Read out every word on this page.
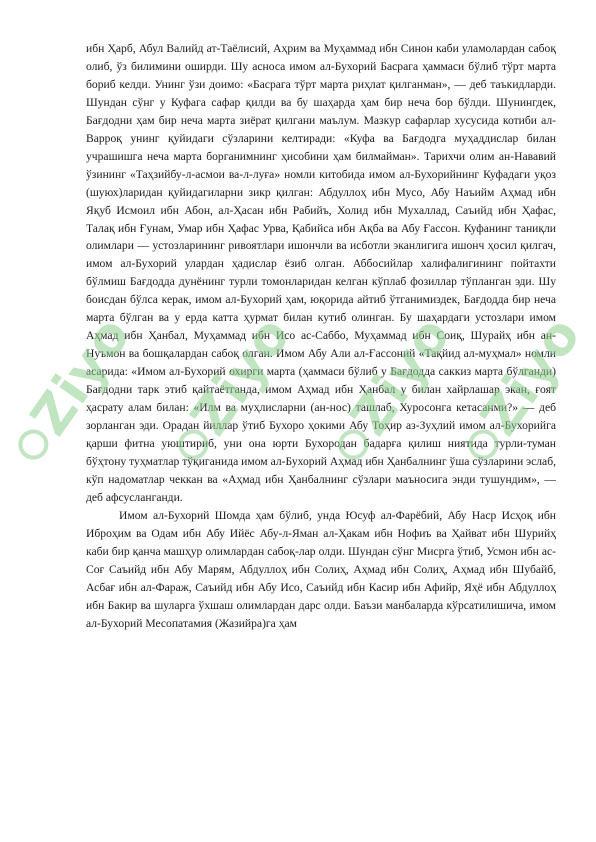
ибн Ҳарб, Абул Валийд ат-Таёлисий, Аҳрим ва Муҳаммад ибн Синон каби уламолардан сабоқ олиб, ўз билимини оширди. Шу асноса имом ал-Бухорий Басрага ҳаммаси бўлиб тўрт марта бориб келди. Унинг ўзи доимо: «Басрага тўрт марта риҳлат қилганман», — деб таъкидларди. Шундан сўнг у Куфага сафар қилди ва бу шаҳарда ҳам бир неча бор бўлди. Шунингдек, Бағдодни ҳам бир неча марта зиёрат қилгани маълум. Мазкур сафарлар хусусида котиби ал-Варроқ унинг қуйидаги сўзларини келтиради: «Куфа ва Бағдодга муҳаддислар билан учрашишга неча марта борганимнинг ҳисобини ҳам билмайман». Тарихчи олим ан-Нававий ўзининг «Таҳзийбу-л-асмои ва-л-луға» номли китобида имом ал-Бухорийнинг Куфадаги уқоз (шуюх)ларидан қуйидагиларни зикр қилган: Абдуллоҳ ибн Мусо, Абу Наъийм Аҳмад ибн Яқуб Исмоил ибн Абон, ал-Ҳасан ибн Рабийъ, Холид ибн Мухаллад, Саъийд ибн Ҳафас, Талақ ибн Ғунам, Умар ибн Ҳафас Урва, Қабийса ибн Ақба ва Абу Ғассон. Куфанинг таниқли олимлари — устозларининг ривоятлари ишончли ва исботли эканлигига ишонч ҳосил қилгач, имом ал-Бухорий улардан ҳадислар ёзиб олган. Аббосийлар халифалигининг пойтахти бўлмиш Бағдодда дунёнинг турли томонларидан келган кўплаб фозиллар тўпланган эди. Шу боисдан бўлса керак, имом ал-Бухорий ҳам, юқорида айтиб ўтганимиздек, Бағдодда бир неча марта бўлган ва у ерда катта ҳурмат билан кутиб олинган. Бу шаҳардаги устозлари имом Аҳмад ибн Ҳанбал, Муҳаммад ибн Исо ас-Саббо, Муҳаммад ибн Соиқ, Шурайҳ ибн ан-Нуъмон ва бошқалардан сабоқ олган. Имом Абу Али ал-Ғассоний «Тақйид ал-муҳмал» номли асарида: «Имом ал-Бухорий охирги марта (ҳаммаси бўлиб у Бағдодда саккиз марта бўлганди) Бағдодни тарк этиб қайтаётганда, имом Аҳмад ибн Ҳанбал у билан хайрлашар экан, ғоят ҳасрату алам билан: «Илм ва муҳлисларни (ан-нос) ташлаб, Хуросонга кетасанми?» — деб зорланган эди. Орадан йиллар ўтиб Бухоро ҳокими Абу Тоҳир аз-Зуҳлий имом ал-Бухорийга қарши фитна уюштириб, уни она юрти Бухородан бадарға қилиш ниятида турли-туман бўҳтону туҳматлар тўқиганида имом ал-Бухорий Аҳмад ибн Ҳанбалнинг ўша сўзларини эслаб, кўп надоматлар чеккан ва «Аҳмад ибн Ҳанбалнинг сўзлари маъносига энди тушундим», — деб афсусланганди.

Имом ал-Бухорий Шомда ҳам бўлиб, унда Юсуф ал-Фарёбий, Абу Наср Исҳоқ ибн Иброҳим ва Одам ибн Абу Ийёс Абу-л-Яман ал-Ҳакам ибн Нофиъ ва Ҳайват ибн Шурийҳ каби бир қанча машҳур олимлардан сабоқ-лар олди. Шундан сўнг Мисрга ўтиб, Усмон ибн ас-Соғ Саъийд ибн Абу Марям, Абдуллоҳ ибн Солиҳ, Аҳмад ибн Солиҳ, Аҳмад ибн Шубайб, Асбағ ибн ал-Фараж, Саъийд ибн Абу Исо, Саъийд ибн Касир ибн Афийр, Яҳё ибн Абдуллоҳ ибн Бакир ва шуларга ўхшаш олимлардан дарс олди. Баъзи манбаларда кўрсатилишича, имом ал-Бухорий Месопатамия (Жазийра)га ҳам

Ziyo Ziyo Ziyo Ziyo
